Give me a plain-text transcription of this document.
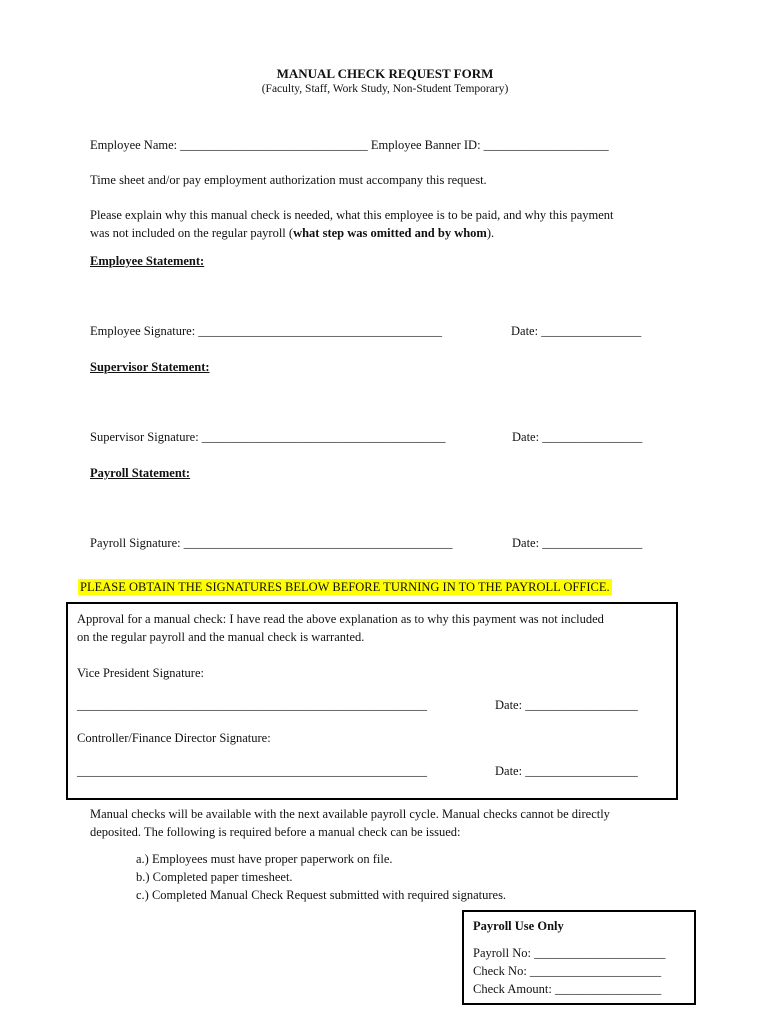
MANUAL CHECK REQUEST FORM
(Faculty, Staff, Work Study, Non-Student Temporary)
Employee Name: ______________________________ Employee Banner ID: ____________________
Time sheet and/or pay employment authorization must accompany this request.
Please explain why this manual check is needed, what this employee is to be paid, and why this payment
was not included on the regular payroll (what step was omitted and by whom).
Employee Statement:
Employee Signature: _______________________________________	Date: ________________
Supervisor Statement:
Supervisor Signature: _______________________________________	Date: ________________
Payroll Statement:
Payroll Signature: ___________________________________________	Date: ________________
PLEASE OBTAIN THE SIGNATURES BELOW BEFORE TURNING IN TO THE PAYROLL OFFICE.
Approval for a manual check: I have read the above explanation as to why this payment was not included
on the regular payroll and the manual check is warranted.
Vice President Signature:
________________________________________________________	Date: __________________
Controller/Finance Director Signature:
________________________________________________________	Date: __________________
Manual checks will be available with the next available payroll cycle. Manual checks cannot be directly
deposited. The following is required before a manual check can be issued:
a.) Employees must have proper paperwork on file.
b.) Completed paper timesheet.
c.) Completed Manual Check Request submitted with required signatures.
Payroll Use Only
Payroll No: _____________________
Check No: _____________________
Check Amount: _________________
